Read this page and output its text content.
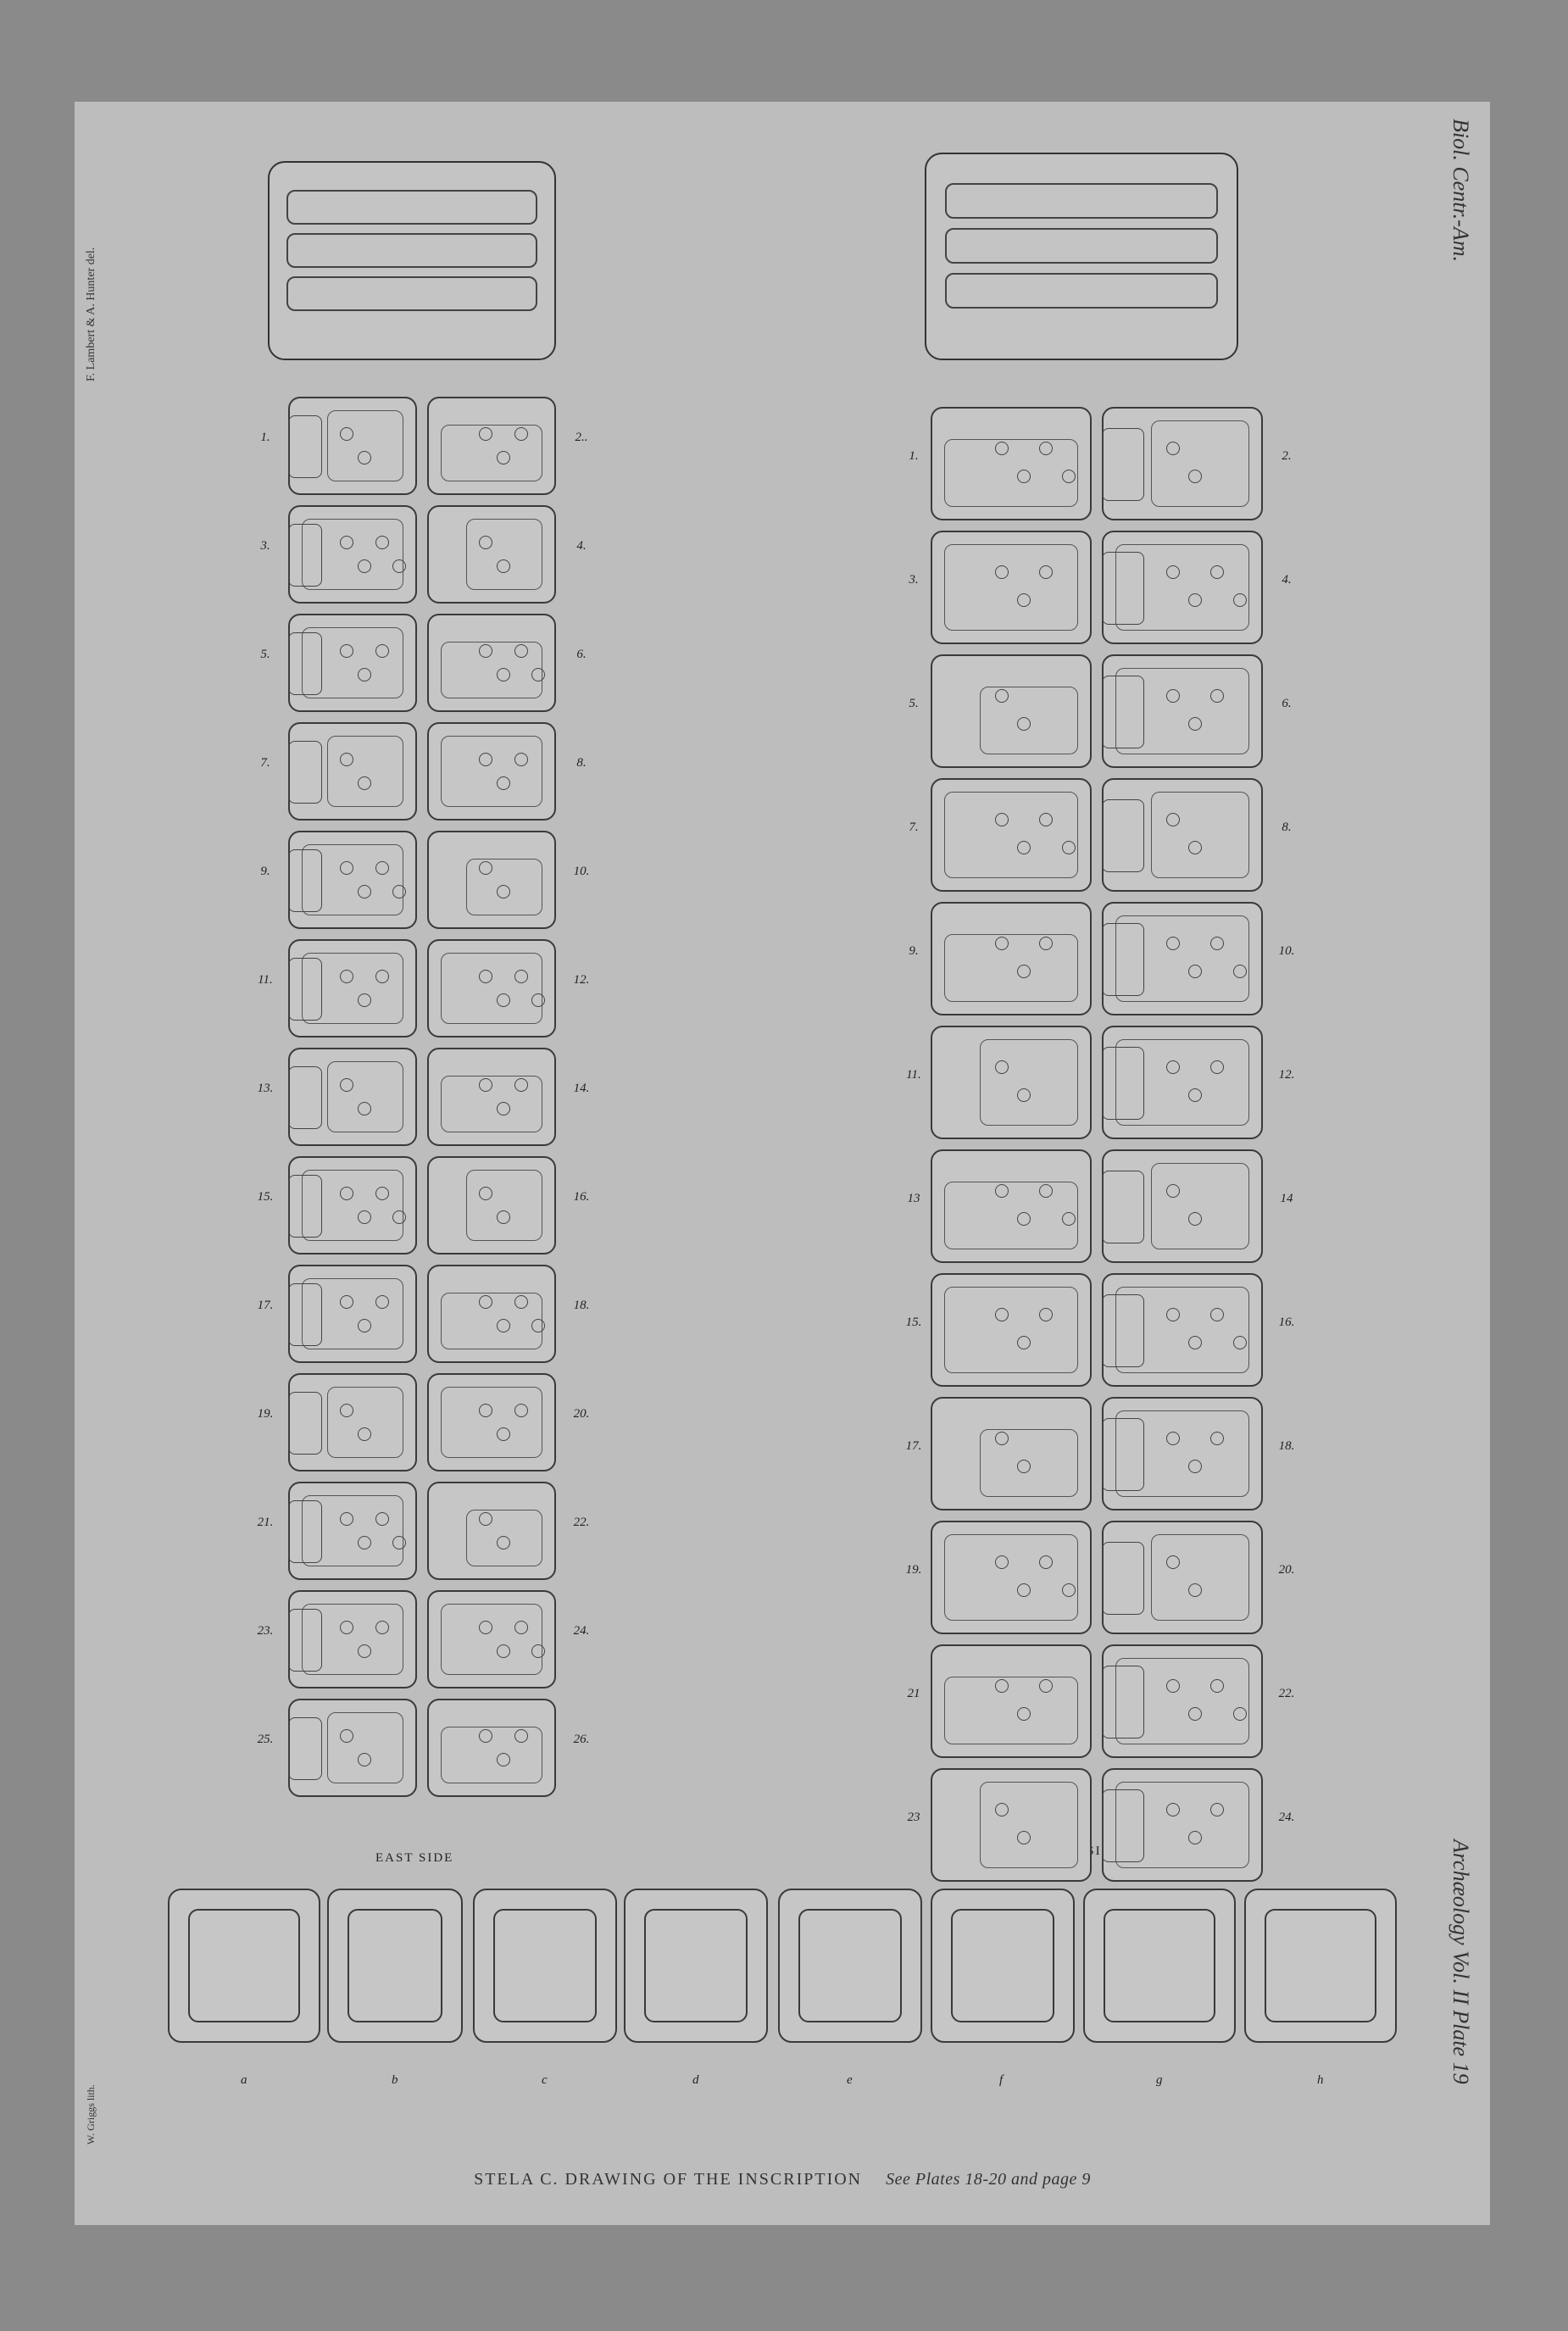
F. Lambert & A. Hunter del.
W. Griggs lith.
Biol. Centr.-Am.
Archæology Vol. II Plate 19
EAST SIDE
STELA C. DRAWING OF THE INSCRIPTION See Plates 18-20 and page 9
1.	2..
3.	4.
5.	6.
7.	8.
9.	10.
11.	12.
13.	14.
15.	16.
17.	18.
19.	20.
21.	22.
23.	24.
25.	26.
1.	2.
3.	4.
5.	6.
7.	8.
9.	10.
11.	12.
13	14
15.	16.
17.	18.
19.	20.
21	22.
23	24.
a	b	c	d	e	f	g	h
